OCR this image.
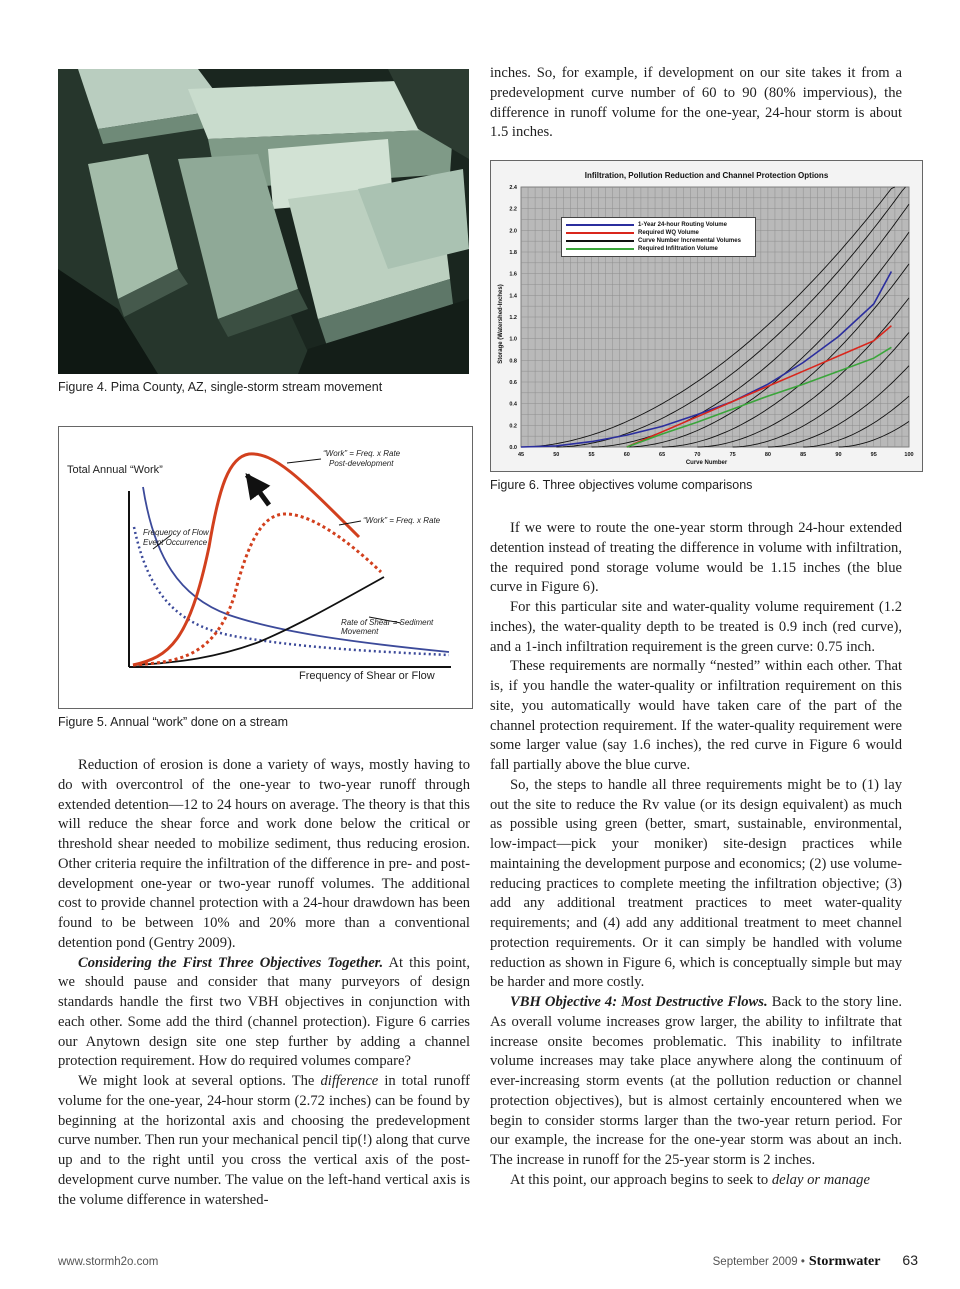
Figure 4. Pima County, AZ, single-storm stream movement
Total Annual “Work”
Frequency of Shear or Flow
Frequency of Flow
Event Occurrence
“Work” = Freq. x Rate
Post-development
“Work” = Freq. x Rate
Rate of Shear = Sediment Movement
Figure 5. Annual “work” done on a stream
Infiltration, Pollution Reduction and Channel Protection Options
45	50	55	60	65	70	75	80	85	90	95	100
0.0
0.2
0.4
0.6
0.8
1.0
1.2
1.4
1.6
1.8
2.0
2.2
2.4
Curve Number
Storage (Watershed-Inches)
1-Year 24-hour Routing Volume
Required WQ Volume
Curve Number Incremental Volumes
Required Infiltration Volume
Figure 6. Three objectives volume comparisons

inches. So, for example, if development on our site takes it from a predevelopment curve number of 60 to 90 (80% impervious), the difference in runoff volume for the one-year, 24-hour storm is about 1.5 inches.

Reduction of erosion is done a variety of ways, mostly having to do with overcontrol of the one-year to two-year runoff through extended detention—12 to 24 hours on average. The theory is that this will reduce the shear force and work done below the critical or threshold shear needed to mobilize sediment, thus reducing erosion. Other criteria require the infiltration of the difference in pre- and post-development one-year or two-year runoff volumes. The additional cost to provide channel protection with a 24-hour drawdown has been found to be between 10% and 20% more than a conventional detention pond (Gentry 2009).

Considering the First Three Objectives Together. At this point, we should pause and consider that many purveyors of design standards handle the first two VBH objectives in conjunction with each other. Some add the third (channel protection). Figure 6 carries our Anytown design site one step further by adding a channel protection requirement. How do required volumes compare?

We might look at several options. The difference in total runoff volume for the one-year, 24-hour storm (2.72 inches) can be found by beginning at the horizontal axis and choosing the predevelopment curve number. Then run your mechanical pencil tip(!) along that curve up and to the right until you cross the vertical axis of the post-development curve number. The value on the left-hand vertical axis is the volume difference in watershed-

If we were to route the one-year storm through 24-hour extended detention instead of treating the difference in volume with infiltration, the required pond storage volume would be 1.15 inches (the blue curve in Figure 6).

For this particular site and water-quality volume requirement (1.2 inches), the water-quality depth to be treated is 0.9 inch (red curve), and a 1-inch infiltration requirement is the green curve: 0.75 inch.

These requirements are normally “nested” within each other. That is, if you handle the water-quality or infiltration requirement on this site, you automatically would have taken care of the part of the channel protection requirement. If the water-quality requirement were some larger value (say 1.6 inches), the red curve in Figure 6 would fall partially above the blue curve.

So, the steps to handle all three requirements might be to (1) lay out the site to reduce the Rv value (or its design equivalent) as much as possible using green (better, smart, sustainable, environmental, low-impact—pick your moniker) site-design practices while maintaining the development purpose and economics; (2) use volume-reducing practices to complete meeting the infiltration objective; (3) add any additional treatment practices to meet water-quality requirements; and (4) add any additional treatment to meet channel protection requirements. Or it can simply be handled with volume reduction as shown in Figure 6, which is conceptually simple but may be harder and more costly.

VBH Objective 4: Most Destructive Flows. Back to the story line. As overall volume increases grow larger, the ability to infiltrate that increase onsite becomes problematic. This inability to infiltrate volume increases may take place anywhere along the continuum of ever-increasing storm events (at the pollution reduction or channel protection objectives), but is almost certainly encountered when we begin to consider storms larger than the two-year return period. For our example, the increase for the one-year storm was about an inch. The increase in runoff for the 25-year storm is 2 inches.

At this point, our approach begins to seek to delay or manage

www.stormh2o.com	September 2009 • Stormwater 63
